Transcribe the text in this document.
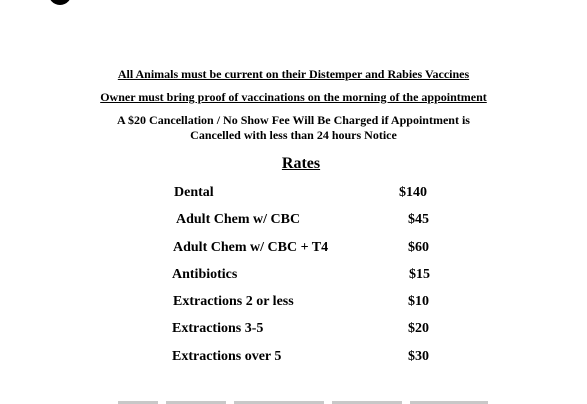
All Animals must be current on their Distemper and Rabies Vaccines
Owner must bring proof of vaccinations on the morning of the appointment
A $20 Cancellation / No Show Fee Will Be Charged if Appointment is
Cancelled with less than 24 hours Notice
Rates
Dental	$140
Adult Chem w/ CBC	$45
Adult Chem w/ CBC + T4	$60
Antibiotics	$15
Extractions 2 or less	$10
Extractions 3-5	$20
Extractions over 5	$30
